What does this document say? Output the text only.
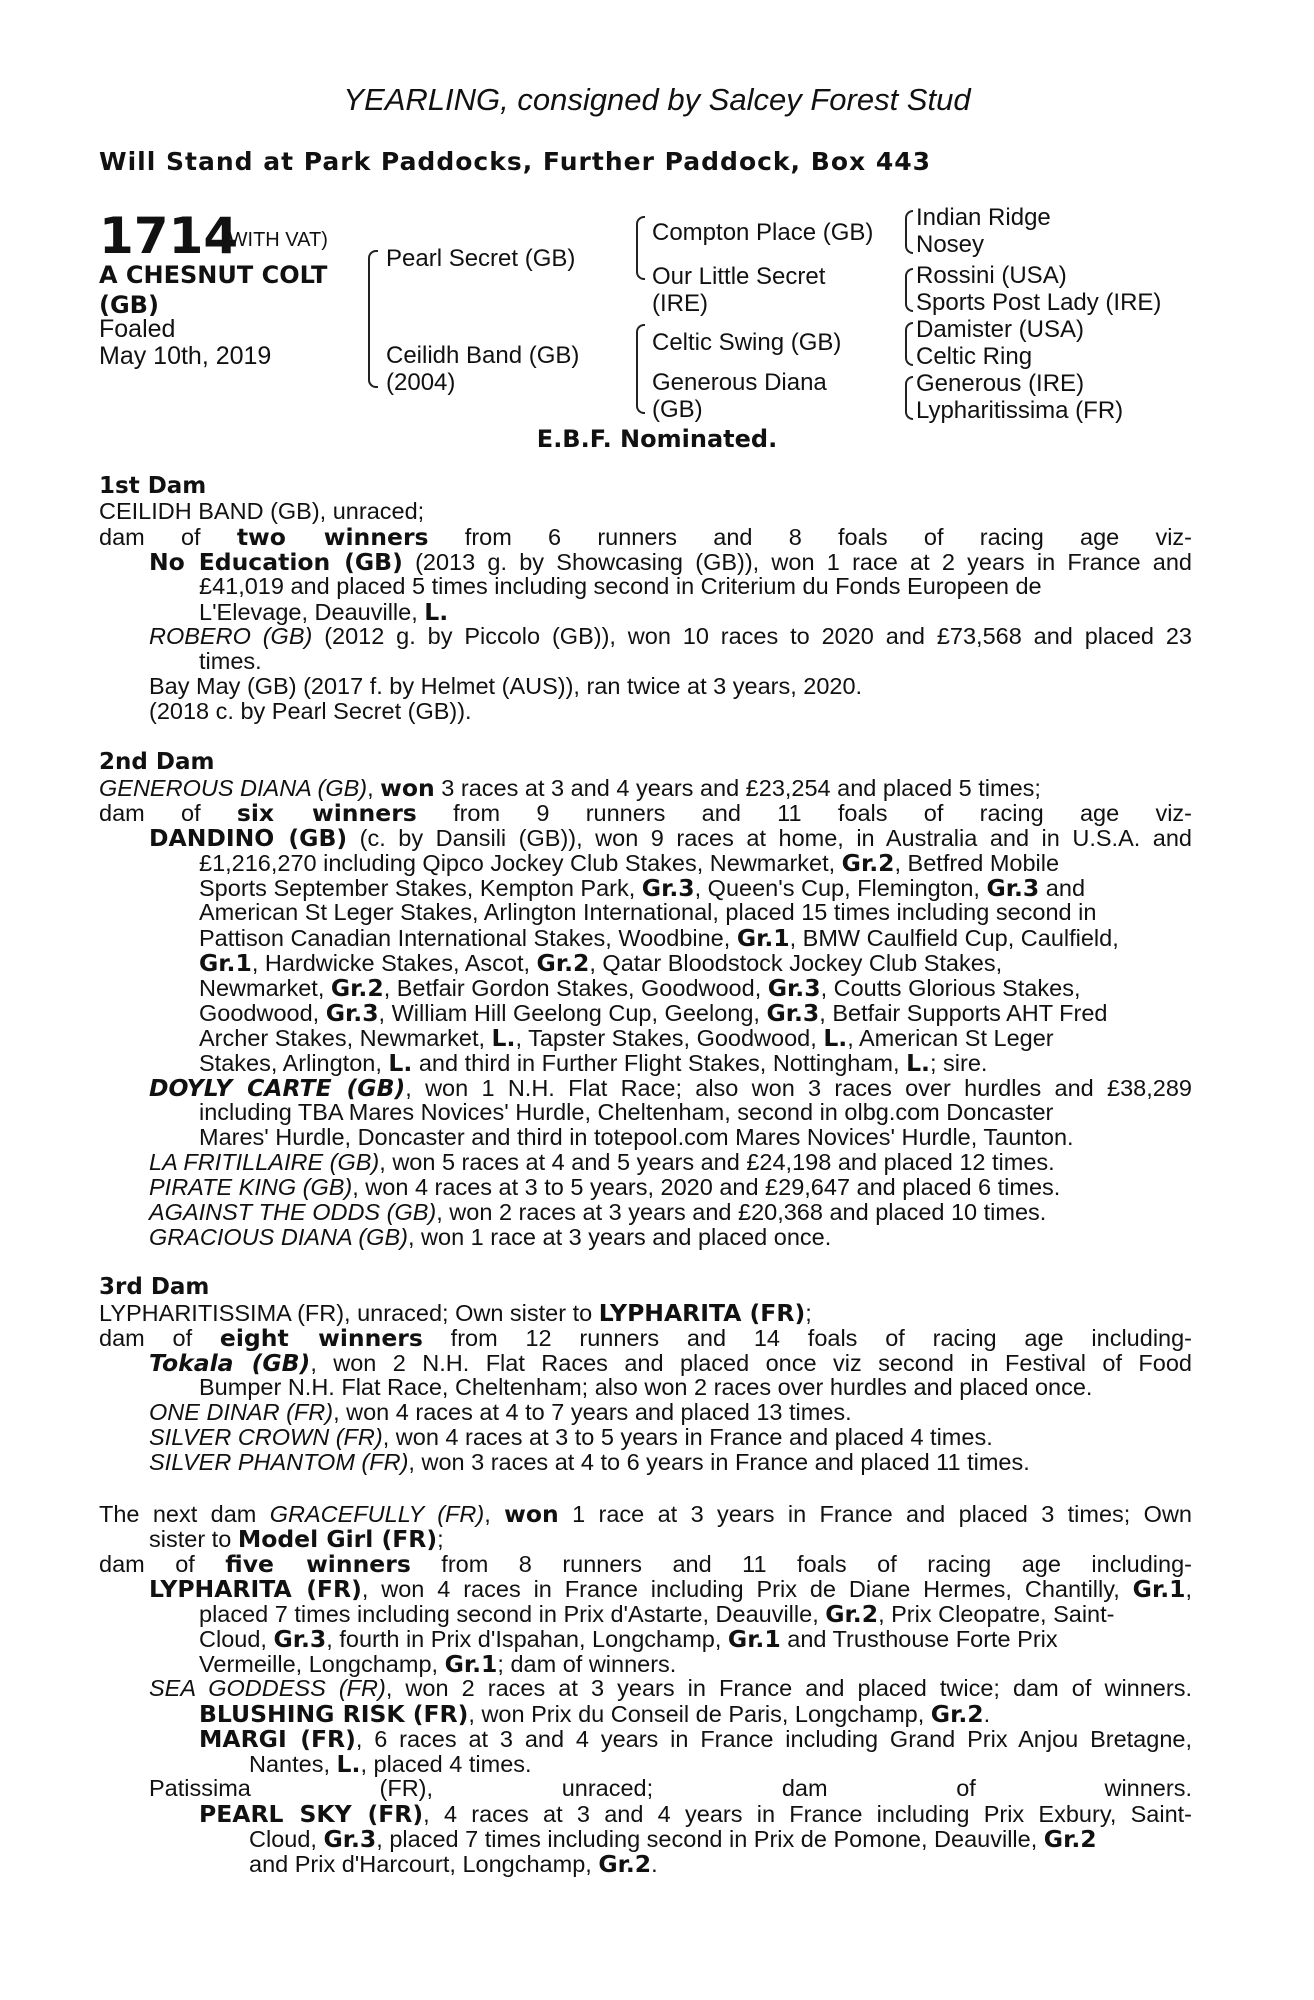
YEARLING, consigned by Salcey Forest Stud
Will Stand at Park Paddocks, Further Paddock, Box 443
1714
(WITH VAT)
A CHESNUT COLT
(GB)
Foaled
May 10th, 2019
Pearl Secret (GB)
Ceilidh Band (GB)
(2004)
Compton Place (GB)
Our Little Secret
(IRE)
Celtic Swing (GB)
Generous Diana
(GB)
Indian Ridge
Nosey
Rossini (USA)
Sports Post Lady (IRE)
Damister (USA)
Celtic Ring
Generous (IRE)
Lypharitissima (FR)
E.B.F. Nominated.
1st Dam
CEILIDH BAND (GB), unraced;
dam of two winners from 6 runners and 8 foals of racing age viz-
No Education (GB) (2013 g. by Showcasing (GB)), won 1 race at 2 years in France and
£41,019 and placed 5 times including second in Criterium du Fonds Europeen de
L'Elevage, Deauville, L.
ROBERO (GB) (2012 g. by Piccolo (GB)), won 10 races to 2020 and £73,568 and placed 23
times.
Bay May (GB) (2017 f. by Helmet (AUS)), ran twice at 3 years, 2020.
(2018 c. by Pearl Secret (GB)).
2nd Dam
GENEROUS DIANA (GB), won 3 races at 3 and 4 years and £23,254 and placed 5 times;
dam of six winners from 9 runners and 11 foals of racing age viz-
DANDINO (GB) (c. by Dansili (GB)), won 9 races at home, in Australia and in U.S.A. and
£1,216,270 including Qipco Jockey Club Stakes, Newmarket, Gr.2, Betfred Mobile
Sports September Stakes, Kempton Park, Gr.3, Queen's Cup, Flemington, Gr.3 and
American St Leger Stakes, Arlington International, placed 15 times including second in
Pattison Canadian International Stakes, Woodbine, Gr.1, BMW Caulfield Cup, Caulfield,
Gr.1, Hardwicke Stakes, Ascot, Gr.2, Qatar Bloodstock Jockey Club Stakes,
Newmarket, Gr.2, Betfair Gordon Stakes, Goodwood, Gr.3, Coutts Glorious Stakes,
Goodwood, Gr.3, William Hill Geelong Cup, Geelong, Gr.3, Betfair Supports AHT Fred
Archer Stakes, Newmarket, L., Tapster Stakes, Goodwood, L., American St Leger
Stakes, Arlington, L. and third in Further Flight Stakes, Nottingham, L.; sire.
DOYLY CARTE (GB), won 1 N.H. Flat Race; also won 3 races over hurdles and £38,289
including TBA Mares Novices' Hurdle, Cheltenham, second in olbg.com Doncaster
Mares' Hurdle, Doncaster and third in totepool.com Mares Novices' Hurdle, Taunton.
LA FRITILLAIRE (GB), won 5 races at 4 and 5 years and £24,198 and placed 12 times.
PIRATE KING (GB), won 4 races at 3 to 5 years, 2020 and £29,647 and placed 6 times.
AGAINST THE ODDS (GB), won 2 races at 3 years and £20,368 and placed 10 times.
GRACIOUS DIANA (GB), won 1 race at 3 years and placed once.
3rd Dam
LYPHARITISSIMA (FR), unraced; Own sister to LYPHARITA (FR);
dam of eight winners from 12 runners and 14 foals of racing age including-
Tokala (GB), won 2 N.H. Flat Races and placed once viz second in Festival of Food
Bumper N.H. Flat Race, Cheltenham; also won 2 races over hurdles and placed once.
ONE DINAR (FR), won 4 races at 4 to 7 years and placed 13 times.
SILVER CROWN (FR), won 4 races at 3 to 5 years in France and placed 4 times.
SILVER PHANTOM (FR), won 3 races at 4 to 6 years in France and placed 11 times.
The next dam GRACEFULLY (FR), won 1 race at 3 years in France and placed 3 times; Own
sister to Model Girl (FR);
dam of five winners from 8 runners and 11 foals of racing age including-
LYPHARITA (FR), won 4 races in France including Prix de Diane Hermes, Chantilly, Gr.1,
placed 7 times including second in Prix d'Astarte, Deauville, Gr.2, Prix Cleopatre, Saint-
Cloud, Gr.3, fourth in Prix d'Ispahan, Longchamp, Gr.1 and Trusthouse Forte Prix
Vermeille, Longchamp, Gr.1; dam of winners.
SEA GODDESS (FR), won 2 races at 3 years in France and placed twice; dam of winners.
BLUSHING RISK (FR), won Prix du Conseil de Paris, Longchamp, Gr.2.
MARGI (FR), 6 races at 3 and 4 years in France including Grand Prix Anjou Bretagne,
Nantes, L., placed 4 times.
Patissima (FR), unraced; dam of winners.
PEARL SKY (FR), 4 races at 3 and 4 years in France including Prix Exbury, Saint-
Cloud, Gr.3, placed 7 times including second in Prix de Pomone, Deauville, Gr.2
and Prix d'Harcourt, Longchamp, Gr.2.
